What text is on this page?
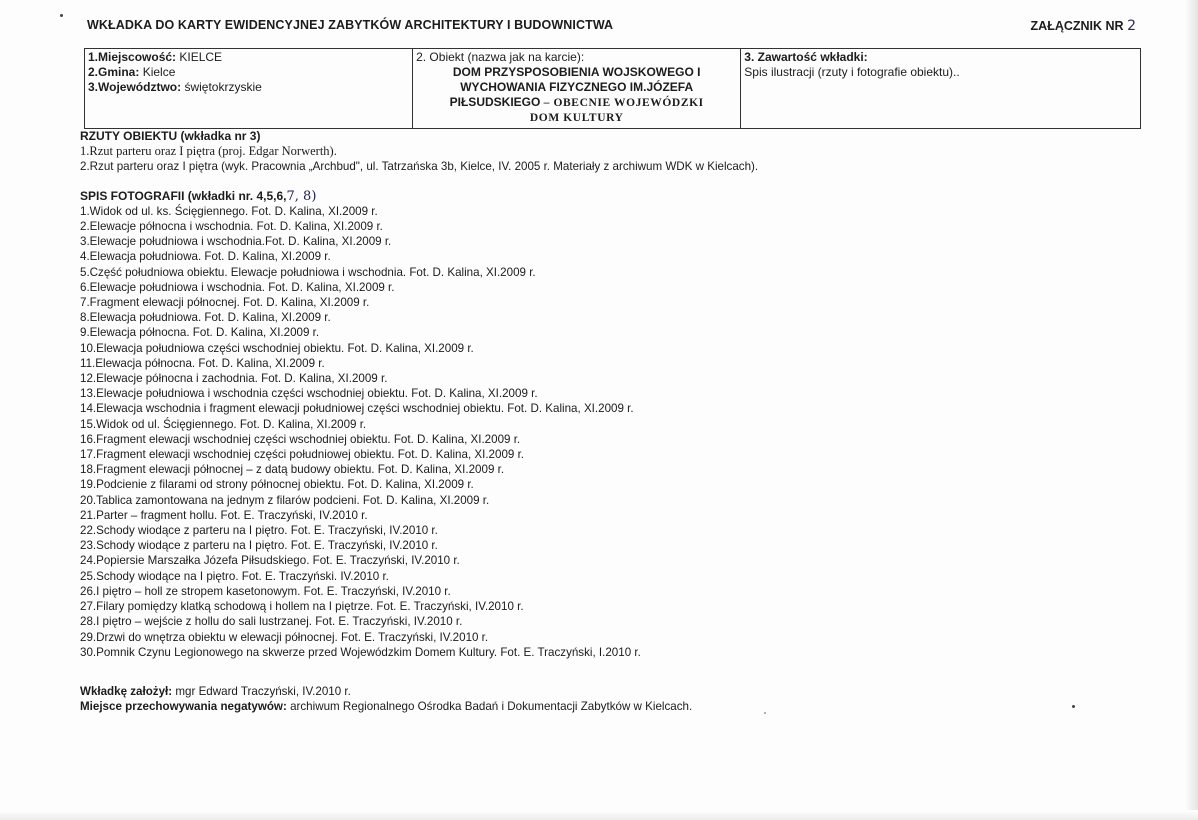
WKŁADKA DO KARTY EWIDENCYJNEJ ZABYTKÓW ARCHITEKTURY I BUDOWNICTWA	ZAŁĄCZNIK NR 2
1.Miejscowość: KIELCE
2.Gmina: Kielce
3.Województwo: świętokrzyskie

2. Obiekt (nazwa jak na karcie):
DOM PRZYSPOSOBIENIA WOJSKOWEGO I
WYCHOWANIA FIZYCZNEGO IM.JÓZEFA
PIŁSUDSKIEGO – OBECNIE WOJEWÓDZKI
DOM KULTURY

3. Zawartość wkładki:
Spis ilustracji (rzuty i fotografie obiektu)..
RZUTY OBIEKTU (wkładka nr 3)
1.Rzut parteru oraz I piętra (proj. Edgar Norwerth).
2.Rzut parteru oraz I piętra (wyk. Pracownia „Archbud", ul. Tatrzańska 3b, Kielce, IV. 2005 r. Materiały z archiwum WDK w Kielcach).
SPIS FOTOGRAFII (wkładki nr. 4,5,6,7, 8)
1.Widok od ul. ks. Ścięgiennego. Fot. D. Kalina, XI.2009 r.
2.Elewacje północna i wschodnia. Fot. D. Kalina, XI.2009 r.
3.Elewacje południowa i wschodnia.Fot. D. Kalina, XI.2009 r.
4.Elewacja południowa. Fot. D. Kalina, XI.2009 r.
5.Część południowa obiektu. Elewacje południowa i wschodnia. Fot. D. Kalina, XI.2009 r.
6.Elewacje południowa i wschodnia. Fot. D. Kalina, XI.2009 r.
7.Fragment elewacji północnej. Fot. D. Kalina, XI.2009 r.
8.Elewacja południowa. Fot. D. Kalina, XI.2009 r.
9.Elewacja północna. Fot. D. Kalina, XI.2009 r.
10.Elewacja południowa części wschodniej obiektu. Fot. D. Kalina, XI.2009 r.
11.Elewacja północna. Fot. D. Kalina, XI.2009 r.
12.Elewacje północna i zachodnia. Fot. D. Kalina, XI.2009 r.
13.Elewacje południowa i wschodnia części wschodniej obiektu. Fot. D. Kalina, XI.2009 r.
14.Elewacja wschodnia i fragment elewacji południowej części wschodniej obiektu. Fot. D. Kalina, XI.2009 r.
15.Widok od ul. Ścięgiennego. Fot. D. Kalina, XI.2009 r.
16.Fragment elewacji wschodniej części wschodniej obiektu. Fot. D. Kalina, XI.2009 r.
17.Fragment elewacji wschodniej części południowej obiektu. Fot. D. Kalina, XI.2009 r.
18.Fragment elewacji północnej – z datą budowy obiektu. Fot. D. Kalina, XI.2009 r.
19.Podcienie z filarami od strony północnej obiektu. Fot. D. Kalina, XI.2009 r.
20.Tablica zamontowana na jednym z filarów podcieni. Fot. D. Kalina, XI.2009 r.
21.Parter – fragment hollu. Fot. E. Traczyński, IV.2010 r.
22.Schody wiodące z parteru na I piętro. Fot. E. Traczyński, IV.2010 r.
23.Schody wiodące z parteru na I piętro. Fot. E. Traczyński, IV.2010 r.
24.Popiersie Marszałka Józefa Piłsudskiego. Fot. E. Traczyński, IV.2010 r.
25.Schody wiodące na I piętro. Fot. E. Traczyński. IV.2010 r.
26.I piętro – holl ze stropem kasetonowym. Fot. E. Traczyński, IV.2010 r.
27.Filary pomiędzy klatką schodową i hollem na I piętrze. Fot. E. Traczyński, IV.2010 r.
28.I piętro – wejście z hollu do sali lustrzanej. Fot. E. Traczyński, IV.2010 r.
29.Drzwi do wnętrza obiektu w elewacji północnej. Fot. E. Traczyński, IV.2010 r.
30.Pomnik Czynu Legionowego na skwerze przed Wojewódzkim Domem Kultury. Fot. E. Traczyński, I.2010 r.
Wkładkę założył: mgr Edward Traczyński, IV.2010 r.
Miejsce przechowywania negatywów: archiwum Regionalnego Ośrodka Badań i Dokumentacji Zabytków w Kielcach.
